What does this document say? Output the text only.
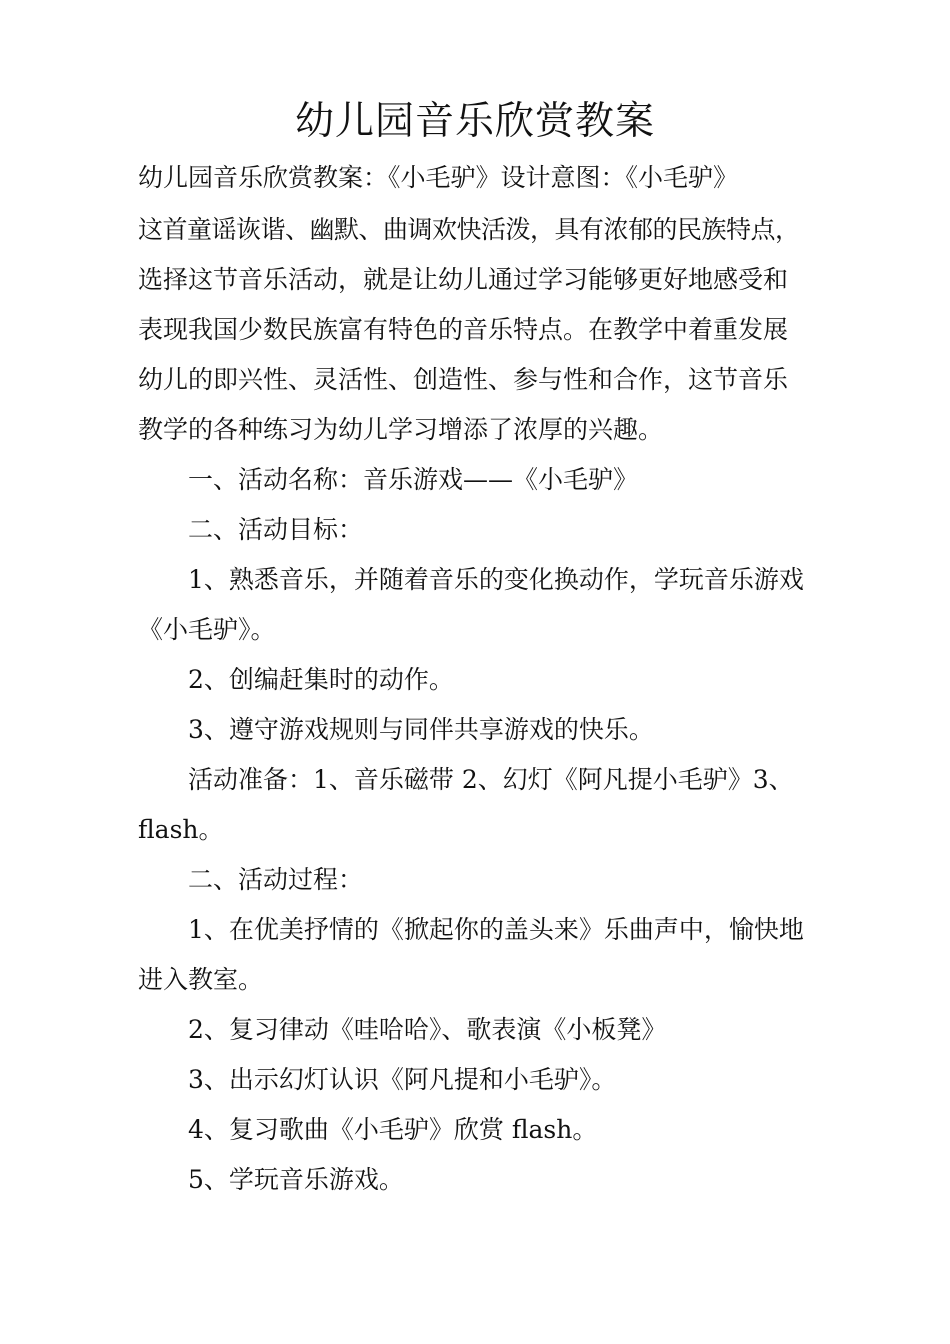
幼儿园音乐欣赏教案
幼儿园音乐欣赏教案：《小毛驴》设计意图：《小毛驴》
这首童谣诙谐、幽默、曲调欢快活泼，具有浓郁的民族特点，
选择这节音乐活动，就是让幼儿通过学习能够更好地感受和
表现我国少数民族富有特色的音乐特点。在教学中着重发展
幼儿的即兴性、灵活性、创造性、参与性和合作，这节音乐
教学的各种练习为幼儿学习增添了浓厚的兴趣。
一、活动名称：音乐游戏——《小毛驴》
二、活动目标：
1、熟悉音乐，并随着音乐的变化换动作，学玩音乐游戏
《小毛驴》。
2、创编赶集时的动作。
3、遵守游戏规则与同伴共享游戏的快乐。
活动准备：1、音乐磁带 2、幻灯《阿凡提小毛驴》3、
flash。
二、活动过程：
1、在优美抒情的《掀起你的盖头来》乐曲声中，愉快地
进入教室。
2、复习律动《哇哈哈》、歌表演《小板凳》
3、出示幻灯认识《阿凡提和小毛驴》。
4、复习歌曲《小毛驴》欣赏 flash。
5、学玩音乐游戏。
